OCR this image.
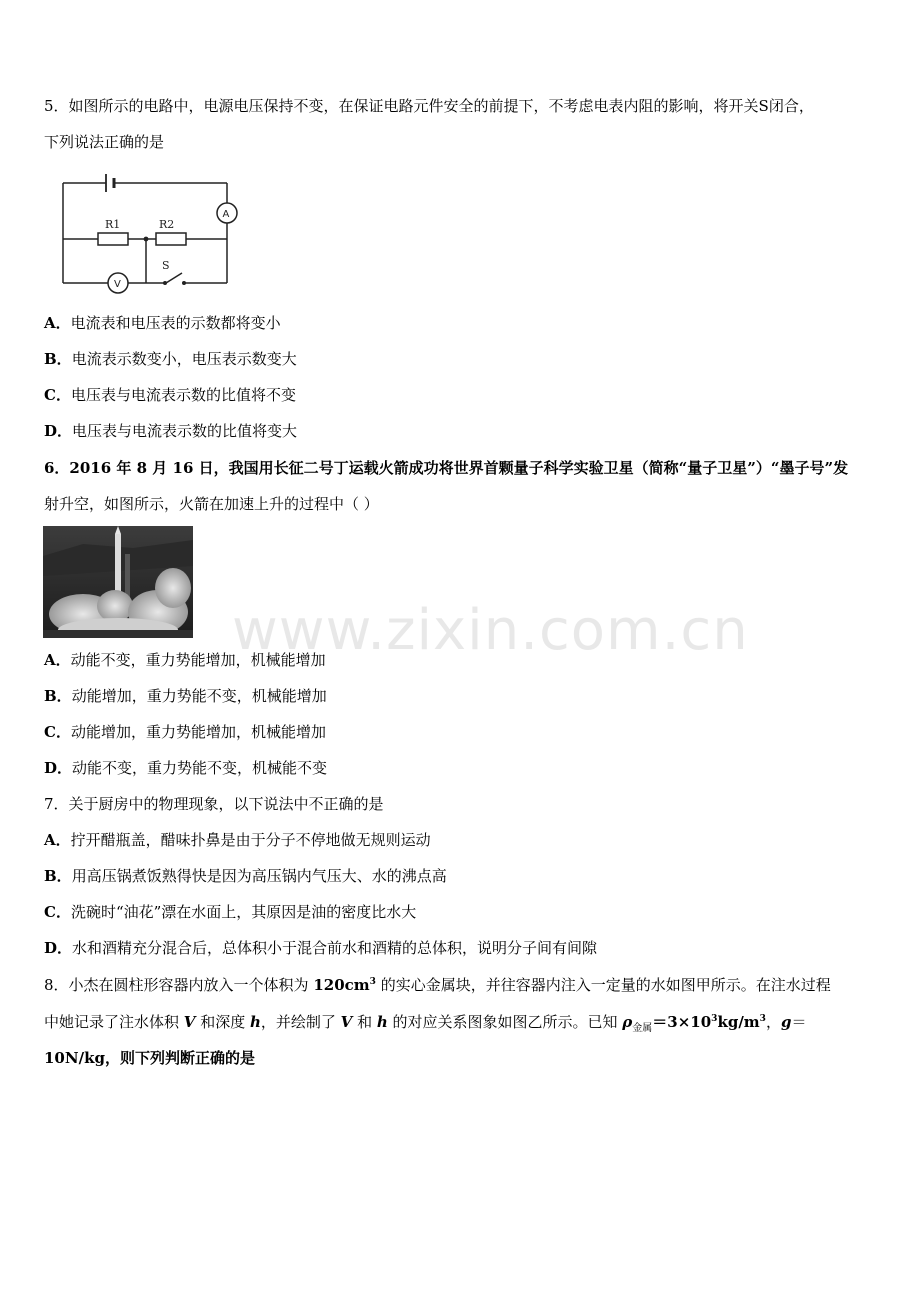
5．如图所示的电路中，电源电压保持不变，在保证电路元件安全的前提下，不考虑电表内阻的影响，将开关S闭合，
下列说法正确的是
R1	R2
A
V
S
A．电流表和电压表的示数都将变小
B．电流表示数变小，电压表示数变大
C．电压表与电流表示数的比值将不变
D．电压表与电流表示数的比值将变大
6．2016 年 8 月 16 日，我国用长征二号丁运载火箭成功将世界首颗量子科学实验卫星（简称“量子卫星”）“墨子号”发
射升空，如图所示，火箭在加速上升的过程中（ ）
www.zixin.com.cn
A．动能不变，重力势能增加，机械能增加
B．动能增加，重力势能不变，机械能增加
C．动能增加，重力势能增加，机械能增加
D．动能不变，重力势能不变，机械能不变
7．关于厨房中的物理现象，以下说法中不正确的是
A．拧开醋瓶盖，醋味扑鼻是由于分子不停地做无规则运动
B．用高压锅煮饭熟得快是因为高压锅内气压大、水的沸点高
C．洗碗时“油花”漂在水面上，其原因是油的密度比水大
D．水和酒精充分混合后，总体积小于混合前水和酒精的总体积，说明分子间有间隙
8．小杰在圆柱形容器内放入一个体积为 $120cm^3$ 的实心金属块，并往容器内注入一定量的水如图甲所示。在注水过程
中她记录了注水体积 V 和深度 h，并绘制了 V 和 h 的对应关系图象如图乙所示。已知 $\rho_{金属}=3\times 10^3kg/m^3$，g＝
10N/kg，则下列判断正确的是
